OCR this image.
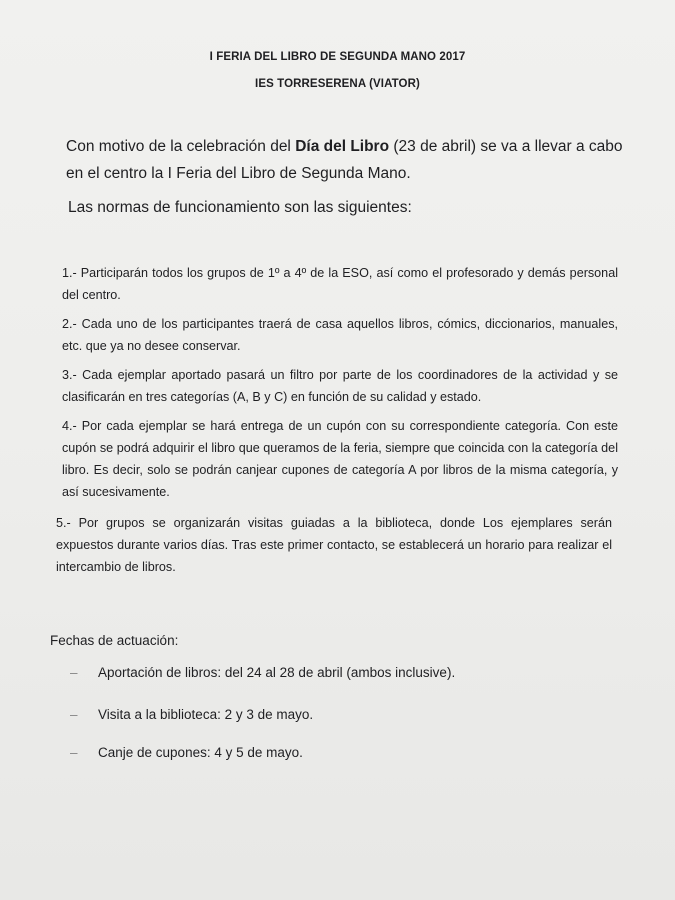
I FERIA DEL LIBRO DE SEGUNDA MANO 2017
IES TORRESERENA (VIATOR)
Con motivo de la celebración del Día del Libro (23 de abril) se va a llevar a cabo en el centro la I Feria del Libro de Segunda Mano.
Las normas de funcionamiento son las siguientes:
1.- Participarán todos los grupos de 1º a 4º de la ESO, así como el profesorado y demás personal del centro.
2.- Cada uno de los participantes traerá de casa aquellos libros, cómics, diccionarios, manuales, etc. que ya no desee conservar.
3.- Cada ejemplar aportado pasará un filtro por parte de los coordinadores de la actividad y se clasificarán en tres categorías (A, B y C) en función de su calidad y estado.
4.- Por cada ejemplar se hará entrega de un cupón con su correspondiente categoría. Con este cupón se podrá adquirir el libro que queramos de la feria, siempre que coincida con la categoría del libro. Es decir, solo se podrán canjear cupones de categoría A por libros de la misma categoría, y así sucesivamente.
5.- Por grupos se organizarán visitas guiadas a la biblioteca, donde Los ejemplares serán expuestos durante varios días. Tras este primer contacto, se establecerá un horario para realizar el intercambio de libros.
Fechas de actuación:
– Aportación de libros: del 24 al 28 de abril (ambos inclusive).
– Visita a la biblioteca: 2 y 3 de mayo.
– Canje de cupones: 4 y 5 de mayo.
